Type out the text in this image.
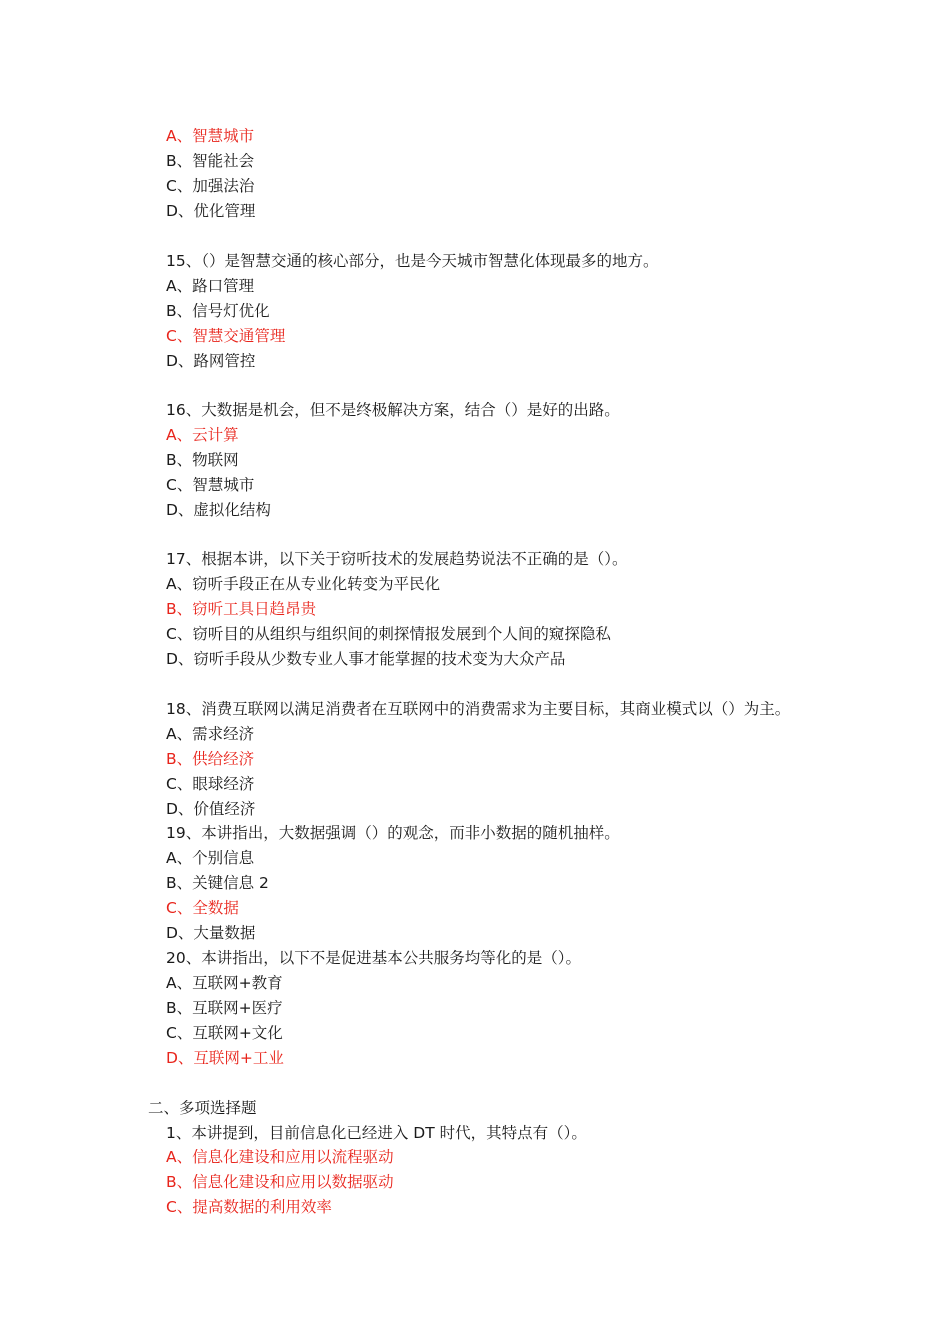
A、智慧城市
B、智能社会
C、加强法治
D、优化管理
15、（）是智慧交通的核心部分，也是今天城市智慧化体现最多的地方。
A、路口管理
B、信号灯优化
C、智慧交通管理
D、路网管控
16、大数据是机会，但不是终极解决方案，结合（）是好的出路。
A、云计算
B、物联网
C、智慧城市
D、虚拟化结构
17、根据本讲，以下关于窃听技术的发展趋势说法不正确的是（）。
A、窃听手段正在从专业化转变为平民化
B、窃听工具日趋昂贵
C、窃听目的从组织与组织间的刺探情报发展到个人间的窥探隐私
D、窃听手段从少数专业人事才能掌握的技术变为大众产品
18、消费互联网以满足消费者在互联网中的消费需求为主要目标，其商业模式以（）为主。
A、需求经济
B、供给经济
C、眼球经济
D、价值经济
19、本讲指出，大数据强调（）的观念，而非小数据的随机抽样。
A、个别信息
B、关键信息 2
C、全数据
D、大量数据
20、本讲指出，以下不是促进基本公共服务均等化的是（）。
A、互联网+教育
B、互联网+医疗
C、互联网+文化
D、互联网+工业
二、多项选择题
1、本讲提到，目前信息化已经进入 DT 时代，其特点有（）。
A、信息化建设和应用以流程驱动
B、信息化建设和应用以数据驱动
C、提高数据的利用效率
